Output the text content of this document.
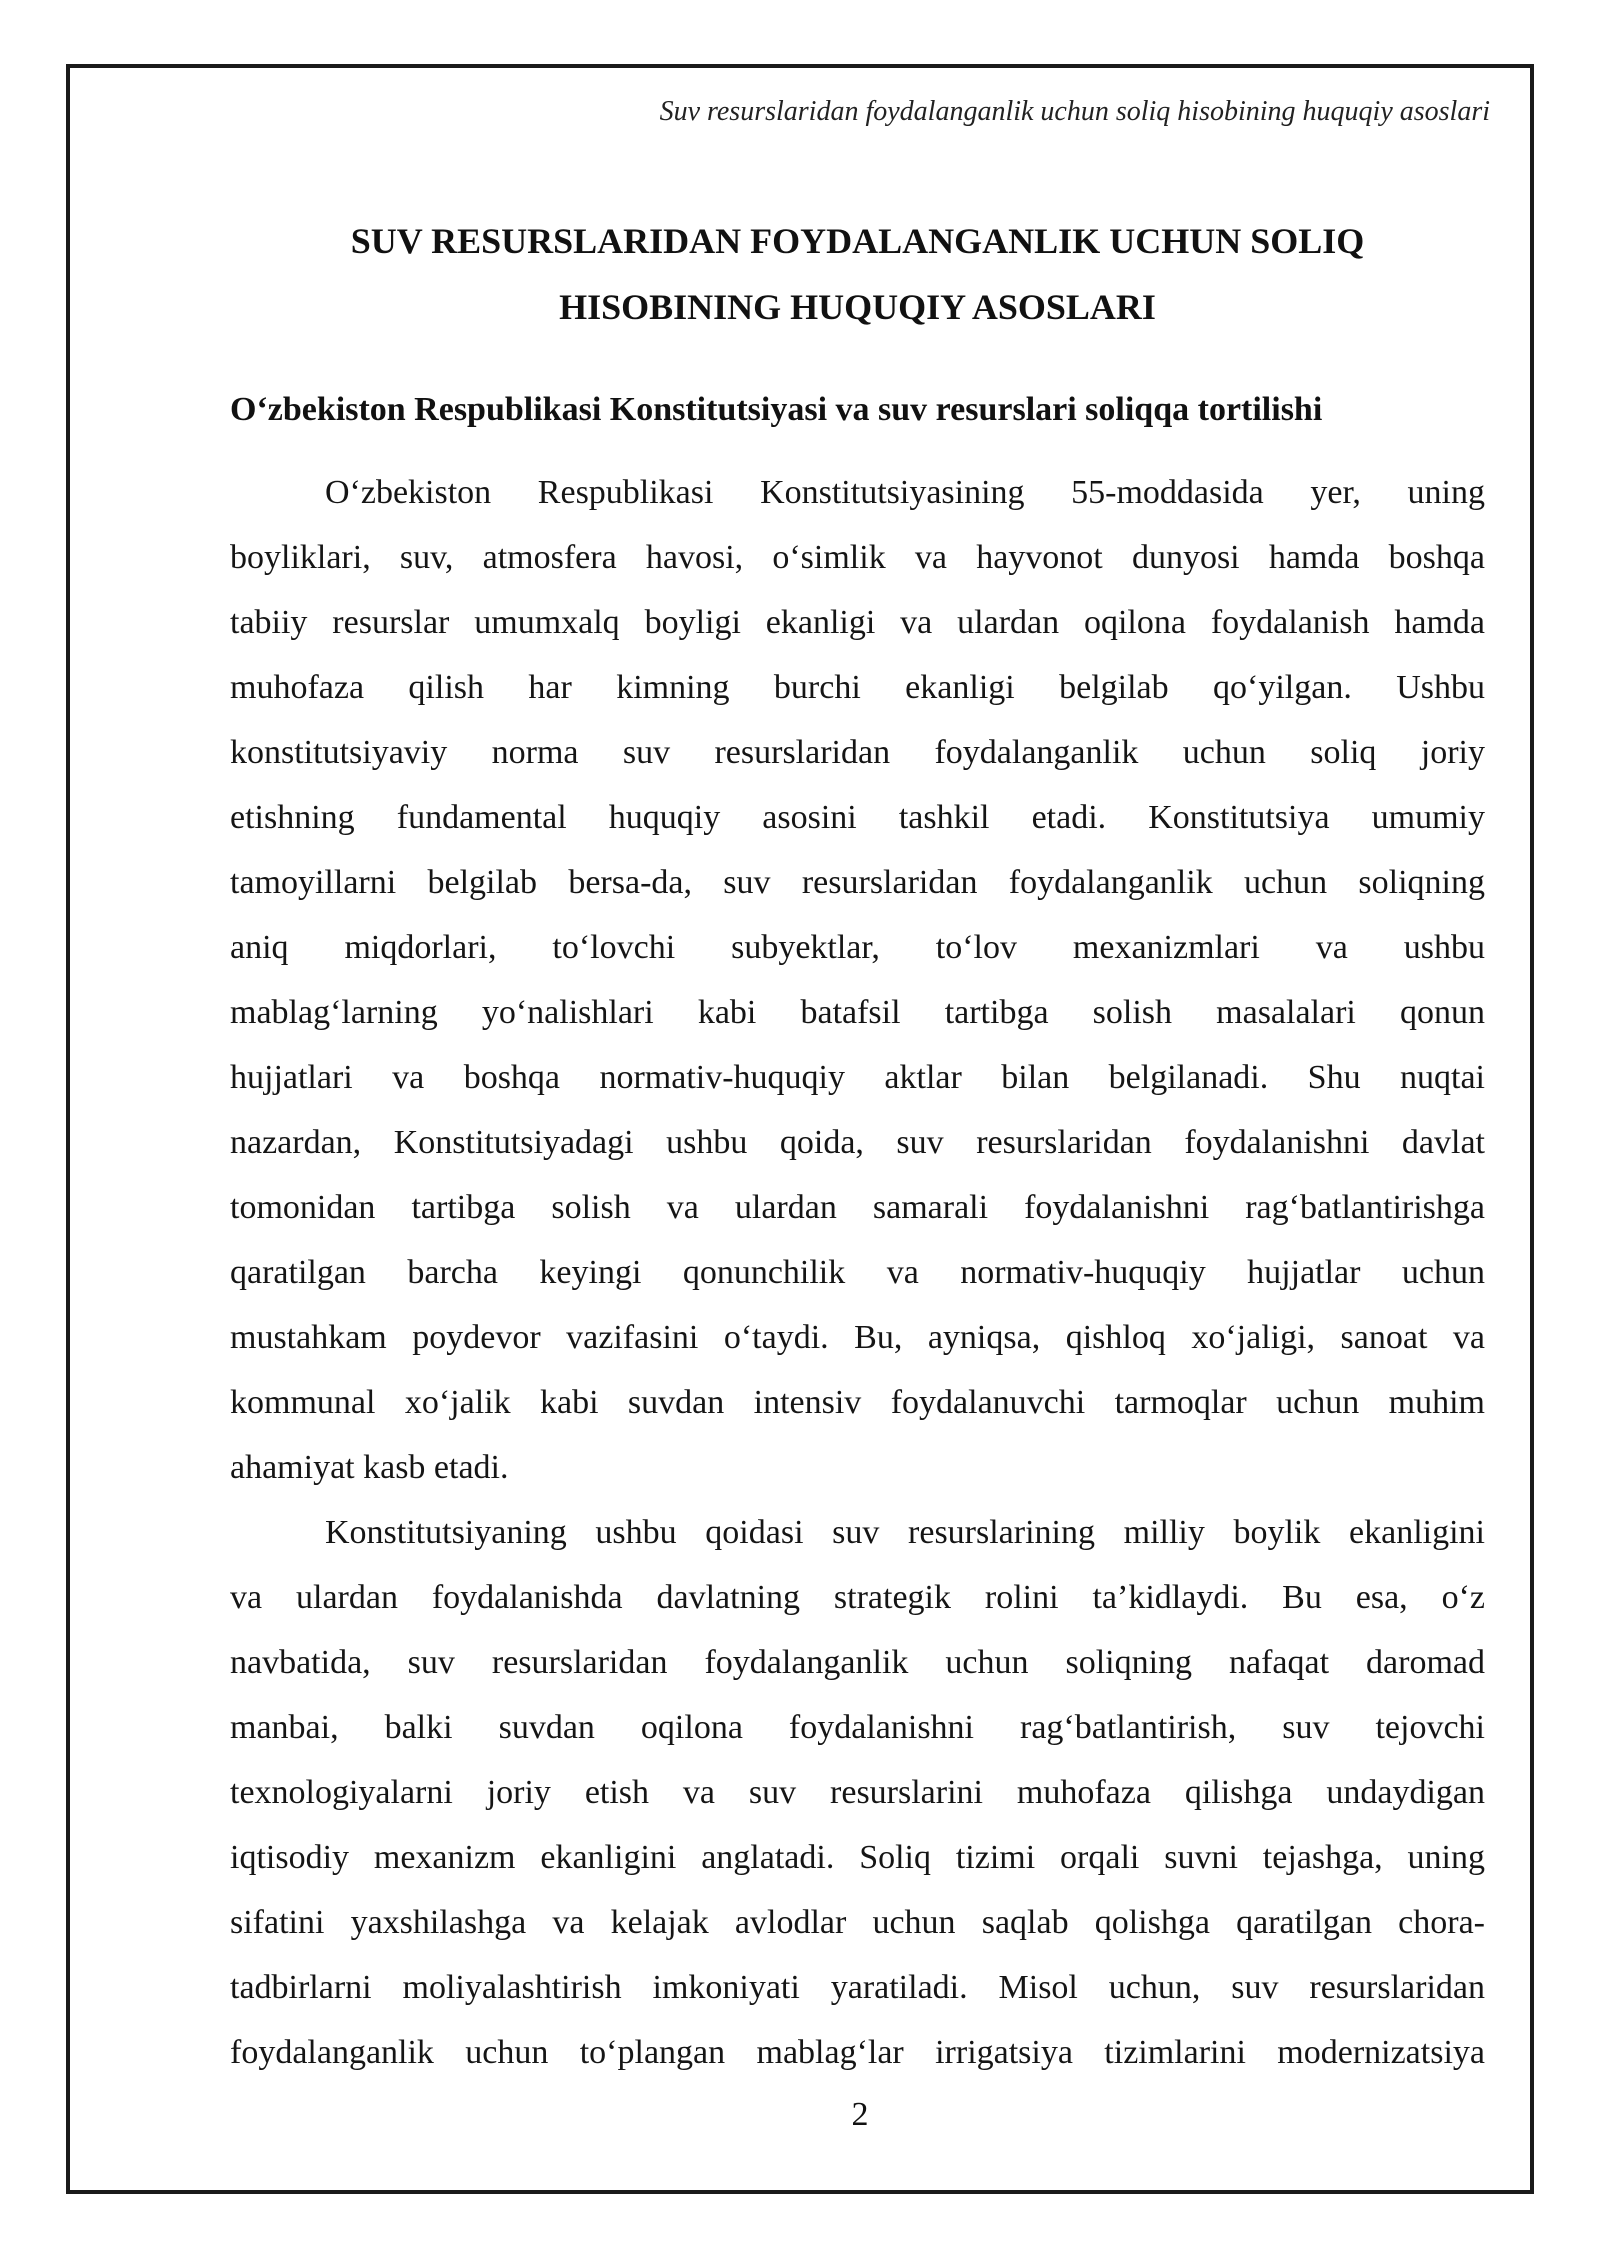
Suv resurslaridan foydalanganlik uchun soliq hisobining huquqiy asoslari
SUV RESURSLARIDAN FOYDALANGANLIK UCHUN SOLIQ
HISOBINING HUQUQIY ASOSLARI
O‘zbekiston Respublikasi Konstitutsiyasi va suv resurslari soliqqa tortilishi
O‘zbekiston Respublikasi Konstitutsiyasining 55-moddasida yer, uning
boyliklari, suv, atmosfera havosi, o‘simlik va hayvonot dunyosi hamda boshqa
tabiiy resurslar umumxalq boyligi ekanligi va ulardan oqilona foydalanish hamda
muhofaza qilish har kimning burchi ekanligi belgilab qo‘yilgan. Ushbu
konstitutsiyaviy norma suv resurslaridan foydalanganlik uchun soliq joriy
etishning fundamental huquqiy asosini tashkil etadi. Konstitutsiya umumiy
tamoyillarni belgilab bersa-da, suv resurslaridan foydalanganlik uchun soliqning
aniq miqdorlari, to‘lovchi subyektlar, to‘lov mexanizmlari va ushbu
mablag‘larning yo‘nalishlari kabi batafsil tartibga solish masalalari qonun
hujjatlari va boshqa normativ-huquqiy aktlar bilan belgilanadi. Shu nuqtai
nazardan, Konstitutsiyadagi ushbu qoida, suv resurslaridan foydalanishni davlat
tomonidan tartibga solish va ulardan samarali foydalanishni rag‘batlantirishga
qaratilgan barcha keyingi qonunchilik va normativ-huquqiy hujjatlar uchun
mustahkam poydevor vazifasini o‘taydi. Bu, ayniqsa, qishloq xo‘jaligi, sanoat va
kommunal xo‘jalik kabi suvdan intensiv foydalanuvchi tarmoqlar uchun muhim
ahamiyat kasb etadi.
Konstitutsiyaning ushbu qoidasi suv resurslarining milliy boylik ekanligini
va ulardan foydalanishda davlatning strategik rolini ta’kidlaydi. Bu esa, o‘z
navbatida, suv resurslaridan foydalanganlik uchun soliqning nafaqat daromad
manbai, balki suvdan oqilona foydalanishni rag‘batlantirish, suv tejovchi
texnologiyalarni joriy etish va suv resurslarini muhofaza qilishga undaydigan
iqtisodiy mexanizm ekanligini anglatadi. Soliq tizimi orqali suvni tejashga, uning
sifatini yaxshilashga va kelajak avlodlar uchun saqlab qolishga qaratilgan chora-
tadbirlarni moliyalashtirish imkoniyati yaratiladi. Misol uchun, suv resurslaridan
foydalanganlik uchun to‘plangan mablag‘lar irrigatsiya tizimlarini modernizatsiya
2
